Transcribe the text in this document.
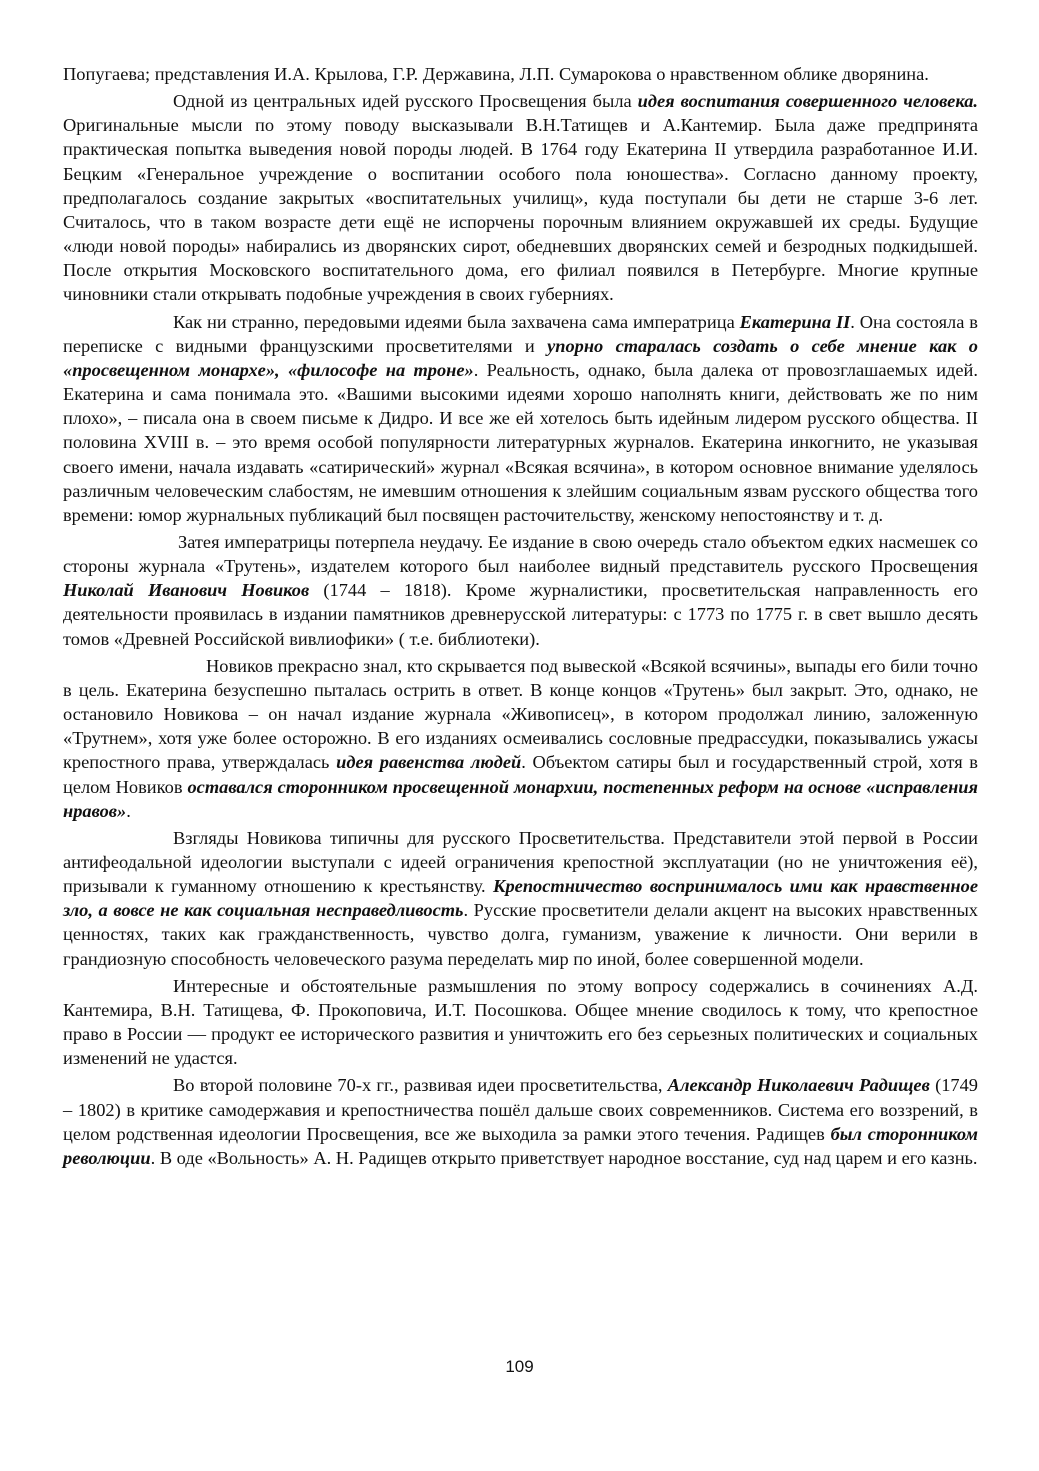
Попугаева; представления И.А. Крылова, Г.Р. Державина, Л.П. Сумарокова о нравственном облике дворянина.

Одной из центральных идей русского Просвещения была идея воспитания совершенного человека. Оригинальные мысли по этому поводу высказывали В.Н.Татищев и А.Кантемир. Была даже предпринята практическая попытка выведения новой породы людей. В 1764 году Екатерина II утвердила разработанное И.И. Бецким «Генеральное учреждение о воспитании особого пола юношества». Согласно данному проекту, предполагалось создание закрытых «воспитательных училищ», куда поступали бы дети не старше 3-6 лет. Считалось, что в таком возрасте дети ещё не испорчены порочным влиянием окружавшей их среды. Будущие «люди новой породы» набирались из дворянских сирот, обедневших дворянских семей и безродных подкидышей. После открытия Московского воспитательного дома, его филиал появился в Петербурге. Многие крупные чиновники стали открывать подобные учреждения в своих губерниях.

Как ни странно, передовыми идеями была захвачена сама императрица Екатерина II. Она состояла в переписке с видными французскими просветителями и упорно старалась создать о себе мнение как о «просвещенном монархе», «философе на троне». Реальность, однако, была далека от провозглашаемых идей. Екатерина и сама понимала это. «Вашими высокими идеями хорошо наполнять книги, действовать же по ним плохо», – писала она в своем письме к Дидро. И все же ей хотелось быть идейным лидером русского общества. II половина XVIII в. – это время особой популярности литературных журналов. Екатерина инкогнито, не указывая своего имени, начала издавать «сатирический» журнал «Всякая всячина», в котором основное внимание уделялось различным человеческим слабостям, не имевшим отношения к злейшим социальным язвам русского общества того времени: юмор журнальных публикаций был посвящен расточительству, женскому непостоянству и т. д.

Затея императрицы потерпела неудачу. Ее издание в свою очередь стало объектом едких насмешек со стороны журнала «Трутень», издателем которого был наиболее видный представитель русского Просвещения Николай Иванович Новиков (1744 – 1818). Кроме журналистики, просветительская направленность его деятельности проявилась в издании памятников древнерусской литературы: с 1773 по 1775 г. в свет вышло десять томов «Древней Российской вивлиофики» ( т.е. библиотеки).

Новиков прекрасно знал, кто скрывается под вывеской «Всякой всячины», выпады его били точно в цель. Екатерина безуспешно пыталась острить в ответ. В конце концов «Трутень» был закрыт. Это, однако, не остановило Новикова – он начал издание журнала «Живописец», в котором продолжал линию, заложенную «Трутнем», хотя уже более осторожно. В его изданиях осмеивались сословные предрассудки, показывались ужасы крепостного права, утверждалась идея равенства людей. Объектом сатиры был и государственный строй, хотя в целом Новиков оставался сторонником просвещенной монархии, постепенных реформ на основе «исправления нравов».

Взгляды Новикова типичны для русского Просветительства. Представители этой первой в России антифеодальной идеологии выступали с идеей ограничения крепостной эксплуатации (но не уничтожения её), призывали к гуманному отношению к крестьянству. Крепостничество воспринималось ими как нравственное зло, а вовсе не как социальная несправедливость. Русские просветители делали акцент на высоких нравственных ценностях, таких как гражданственность, чувство долга, гуманизм, уважение к личности. Они верили в грандиозную способность человеческого разума переделать мир по иной, более совершенной модели.

Интересные и обстоятельные размышления по этому вопросу содержались в сочинениях А.Д. Кантемира, В.Н. Татищева, Ф. Прокоповича, И.Т. Посошкова. Общее мнение сводилось к тому, что крепостное право в России — продукт ее исторического развития и уничтожить его без серьезных политических и социальных изменений не удастся.

Во второй половине 70-х гг., развивая идеи просветительства, Александр Николаевич Радищев (1749 – 1802) в критике самодержавия и крепостничества пошёл дальше своих современников. Система его воззрений, в целом родственная идеологии Просвещения, все же выходила за рамки этого течения. Радищев был сторонником революции. В оде «Вольность» А. Н. Радищев открыто приветствует народное восстание, суд над царем и его казнь.

109
